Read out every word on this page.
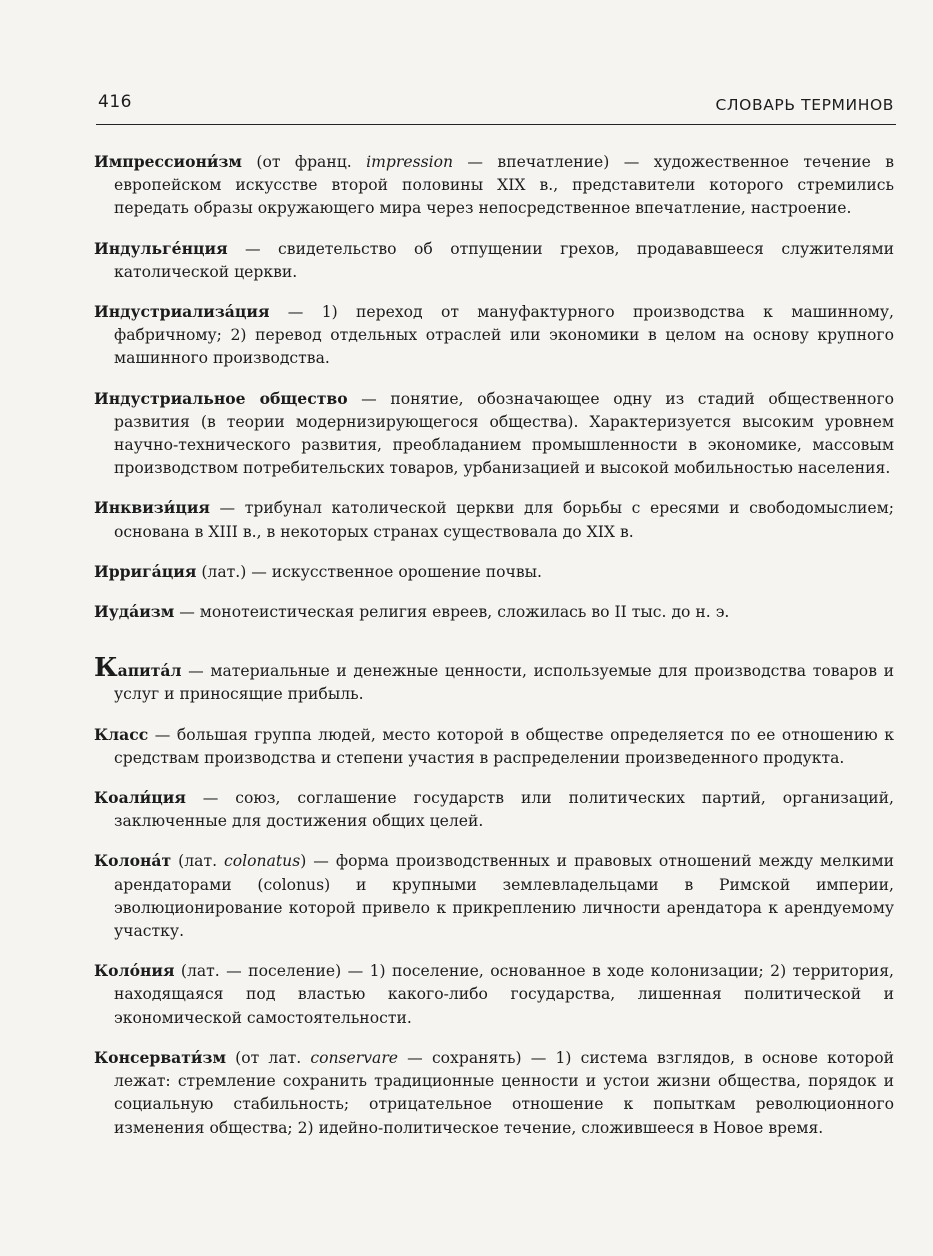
416	СЛОВАРЬ ТЕРМИНОВ

Импрессиони́зм (от франц. impression — впечатление) — художественное течение в европейском искусстве второй половины XIX в., представители которого стремились передать образы окружающего мира через непосредственное впечатление, настроение.

Индульге́нция — свидетельство об отпущении грехов, продававшееся служителями католической церкви.

Индустриализа́ция — 1) переход от мануфактурного производства к машинному, фабричному; 2) перевод отдельных отраслей или экономики в целом на основу крупного машинного производства.

Индустриальное общество — понятие, обозначающее одну из стадий общественного развития (в теории модернизирующегося общества). Характеризуется высоким уровнем научно-технического развития, преобладанием промышленности в экономике, массовым производством потребительских товаров, урбанизацией и высокой мобильностью населения.

Инквизи́ция — трибунал католической церкви для борьбы с ересями и свободомыслием; основана в XIII в., в некоторых странах существовала до XIX в.

Ирригáция (лат.) — искусственное орошение почвы.

Иуда́изм — монотеистическая религия евреев, сложилась во II тыс. до н. э.

Капита́л — материальные и денежные ценности, используемые для производства товаров и услуг и приносящие прибыль.

Класс — большая группа людей, место которой в обществе определяется по ее отношению к средствам производства и степени участия в распределении произведенного продукта.

Коали́ция — союз, соглашение государств или политических партий, организаций, заключенные для достижения общих целей.

Колона́т (лат. colonatus) — форма производственных и правовых отношений между мелкими арендаторами (colonus) и крупными землевладельцами в Римской империи, эволюционирование которой привело к прикреплению личности арендатора к арендуемому участку.

Коло́ния (лат. — поселение) — 1) поселение, основанное в ходе колонизации; 2) территория, находящаяся под властью какого-либо государства, лишенная политической и экономической самостоятельности.

Консервати́зм (от лат. conservare — сохранять) — 1) система взглядов, в основе которой лежат: стремление сохранить традиционные ценности и устои жизни общества, порядок и социальную стабильность; отрицательное отношение к попыткам революционного изменения общества; 2) идейно-политическое течение, сложившееся в Новое время.
